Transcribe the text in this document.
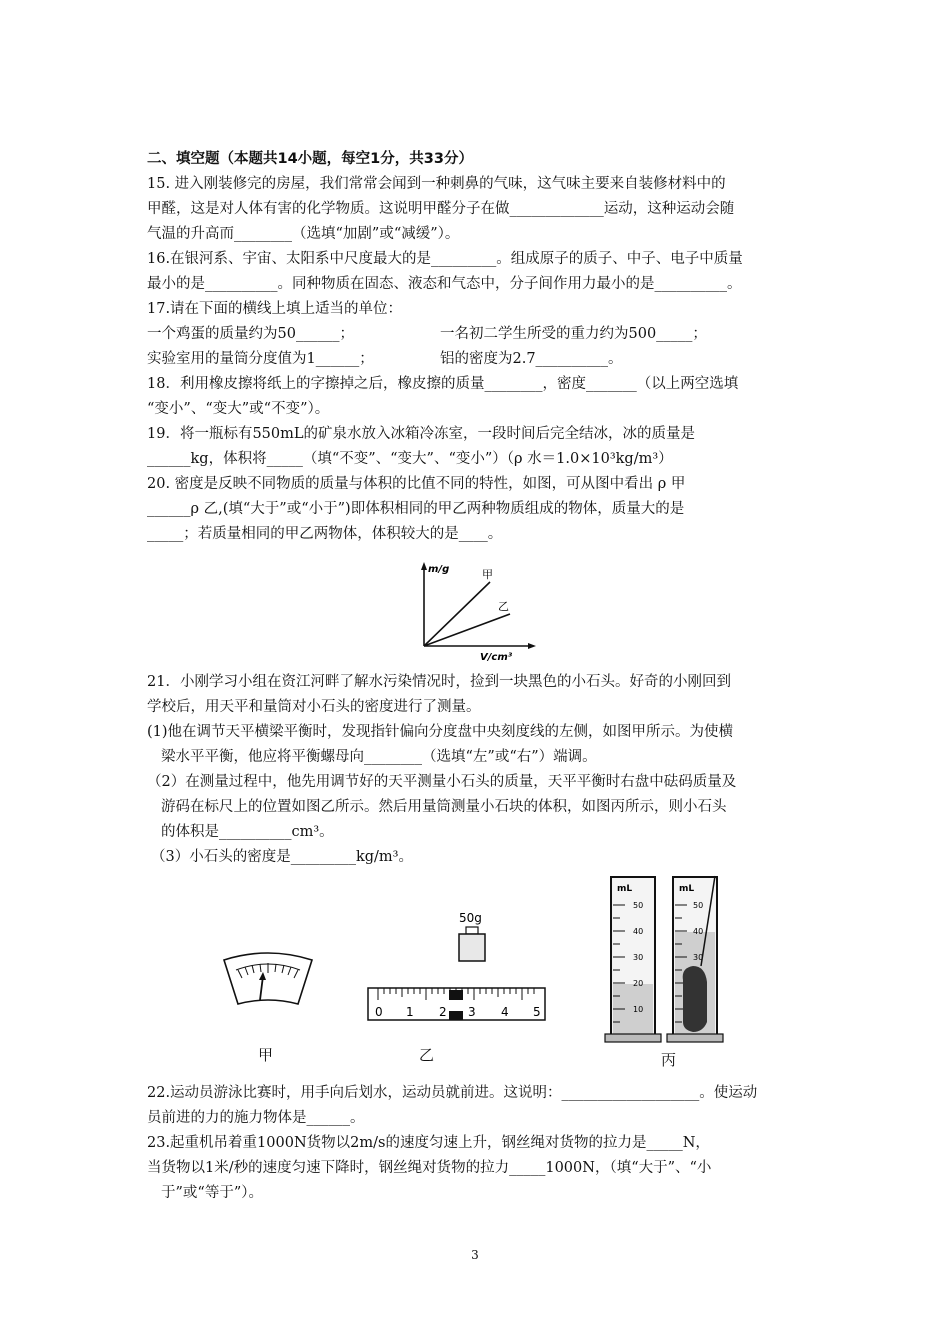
二、填空题（本题共14小题，每空1分，共33分）
15. 进入刚装修完的房屋，我们常常会闻到一种刺鼻的气味，这气味主要来自装修材料中的
甲醛，这是对人体有害的化学物质。这说明甲醛分子在做_____________运动，这种运动会随
气温的升高而________（选填“加剧”或“减缓”）。
16.在银河系、宇宙、太阳系中尺度最大的是_________。组成原子的质子、中子、电子中质量
最小的是__________。同种物质在固态、液态和气态中，分子间作用力最小的是__________。
17.请在下面的横线上填上适当的单位：
一个鸡蛋的质量约为50______；	一名初二学生所受的重力约为500_____；
实验室用的量筒分度值为1______；	铝的密度为2.7__________。
18．利用橡皮擦将纸上的字擦掉之后，橡皮擦的质量________，密度_______（以上两空选填
“变小”、“变大”或“不变”）。
19．将一瓶标有550mL的矿泉水放入冰箱冷冻室，一段时间后完全结冰，冰的质量是
______kg，体积将_____（填“不变”、“变大”、“变小”）（ρ 水＝1.0×10³kg/m³）
20. 密度是反映不同物质的质量与体积的比值不同的特性，如图，可从图中看出 ρ 甲
______ρ 乙,(填“大于”或“小于”)即体积相同的甲乙两种物质组成的物体，质量大的是
_____；若质量相同的甲乙两物体，体积较大的是____。
m/g
V/cm³
甲
乙
21．小刚学习小组在资江河畔了解水污染情况时，捡到一块黑色的小石头。好奇的小刚回到
学校后，用天平和量筒对小石头的密度进行了测量。
(1)他在调节天平横梁平衡时，发现指针偏向分度盘中央刻度线的左侧，如图甲所示。为使横
梁水平平衡，他应将平衡螺母向________（选填“左”或“右”）端调。
（2）在测量过程中，他先用调节好的天平测量小石头的质量，天平平衡时右盘中砝码质量及
游码在标尺上的位置如图乙所示。然后用量筒测量小石块的体积，如图丙所示，则小石头
的体积是__________cm³。
（3）小石头的密度是_________kg/m³。
50g
0 1 2 3 4 5
mL
50
40
30
20
10
mL
50
40
30
甲	乙	丙
22.运动员游泳比赛时，用手向后划水，运动员就前进。这说明：___________________。使运动
员前进的力的施力物体是______。
23.起重机吊着重1000N货物以2m/s的速度匀速上升，钢丝绳对货物的拉力是_____N，
当货物以1米/秒的速度匀速下降时，钢丝绳对货物的拉力_____1000N，（填“大于”、“小
于”或“等于”）。
3
